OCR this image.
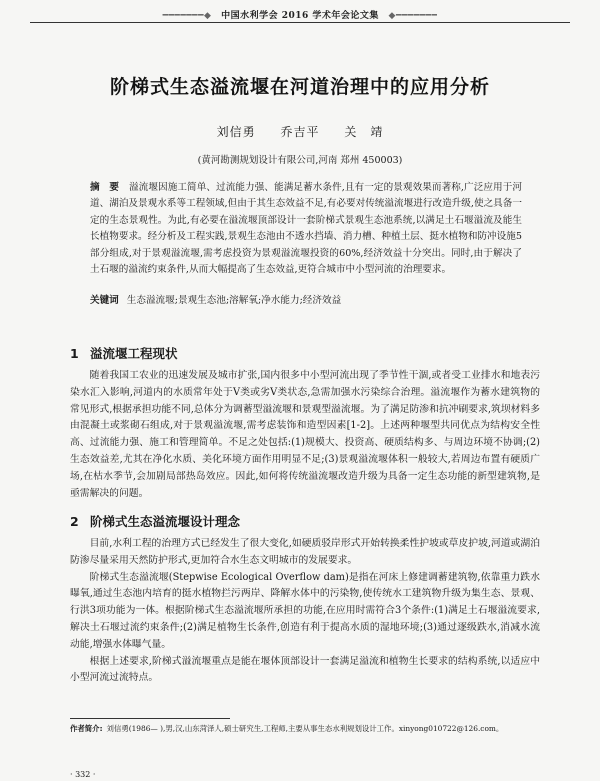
━━━━━━━◆ 中国水利学会 2016 学术年会论文集 ◆━━━━━━━
阶梯式生态溢流堰在河道治理中的应用分析
刘信勇 乔吉平 关　靖
(黄河勘测规划设计有限公司,河南 郑州 450003)
摘　要 溢流堰因施工简单、过流能力强、能满足蓄水条件,且有一定的景观效果而著称,广泛应用于河道、湖泊及景观水系等工程领域,但由于其生态效益不足,有必要对传统溢流堰进行改造升级,使之具备一定的生态景观性。为此,有必要在溢流堰顶部设计一套阶梯式景观生态池系统,以满足土石堰溢流及能生长植物要求。经分析及工程实践,景观生态池由不透水挡墙、消力槽、种植土层、挺水植物和防冲设施5部分组成,对于景观溢流堰,需考虑投资为景观溢流堰投资的60%,经济效益十分突出。同时,由于解决了土石堰的溢流约束条件,从而大幅提高了生态效益,更符合城市中小型河流的治理要求。
关键词 生态溢流堰;景观生态池;溶解氧;净水能力;经济效益
1 溢流堰工程现状

随着我国工农业的迅速发展及城市扩张,国内很多中小型河流出现了季节性干涸,或者受工业排水和地表污染水汇入影响,河道内的水质常年处于Ⅴ类或劣Ⅴ类状态,急需加强水污染综合治理。溢流堰作为蓄水建筑物的常见形式,根据承担功能不同,总体分为调蓄型溢流堰和景观型溢流堰。为了满足防渗和抗冲刷要求,筑坝材料多由混凝土或浆砌石组成,对于景观溢流堰,需考虑装饰和造型因素[1-2]。上述两种堰型共同优点为结构安全性高、过流能力强、施工和管理简单。不足之处包括:(1)规模大、投资高、硬质结构多、与周边环境不协调;(2)生态效益差,尤其在净化水质、美化环境方面作用明显不足;(3)景观溢流堰体积一般较大,若周边布置有硬质广场,在枯水季节,会加剧局部热岛效应。因此,如何将传统溢流堰改造升级为具备一定生态功能的新型建筑物,是亟需解决的问题。

2 阶梯式生态溢流堰设计理念

目前,水利工程的治理方式已经发生了很大变化,如硬质驳岸形式开始转换柔性护坡或草皮护坡,河道或湖泊防渗尽量采用天然防护形式,更加符合水生态文明城市的发展要求。

阶梯式生态溢流堰(Stepwise Ecological Overflow dam)是指在河床上修建调蓄建筑物,依靠重力跌水曝氧,通过生态池内培育的挺水植物拦污两岸、降解水体中的污染物,使传统水工建筑物升级为集生态、景观、行洪3项功能为一体。根据阶梯式生态溢流堰所承担的功能,在应用时需符合3个条件:(1)满足土石堰溢流要求,解决土石堰过流约束条件;(2)满足植物生长条件,创造有利于提高水质的湿地环境;(3)通过逐级跌水,消减水流动能,增强水体曝气量。

根据上述要求,阶梯式溢流堰重点是能在堰体顶部设计一套满足溢流和植物生长要求的结构系统,以适应中小型河流过流特点。

作者简介: 刘信勇(1986— ),男,汉,山东菏泽人,硕士研究生,工程师,主要从事生态水利规划设计工作。xinyong010722@126.com。
· 332 ·
